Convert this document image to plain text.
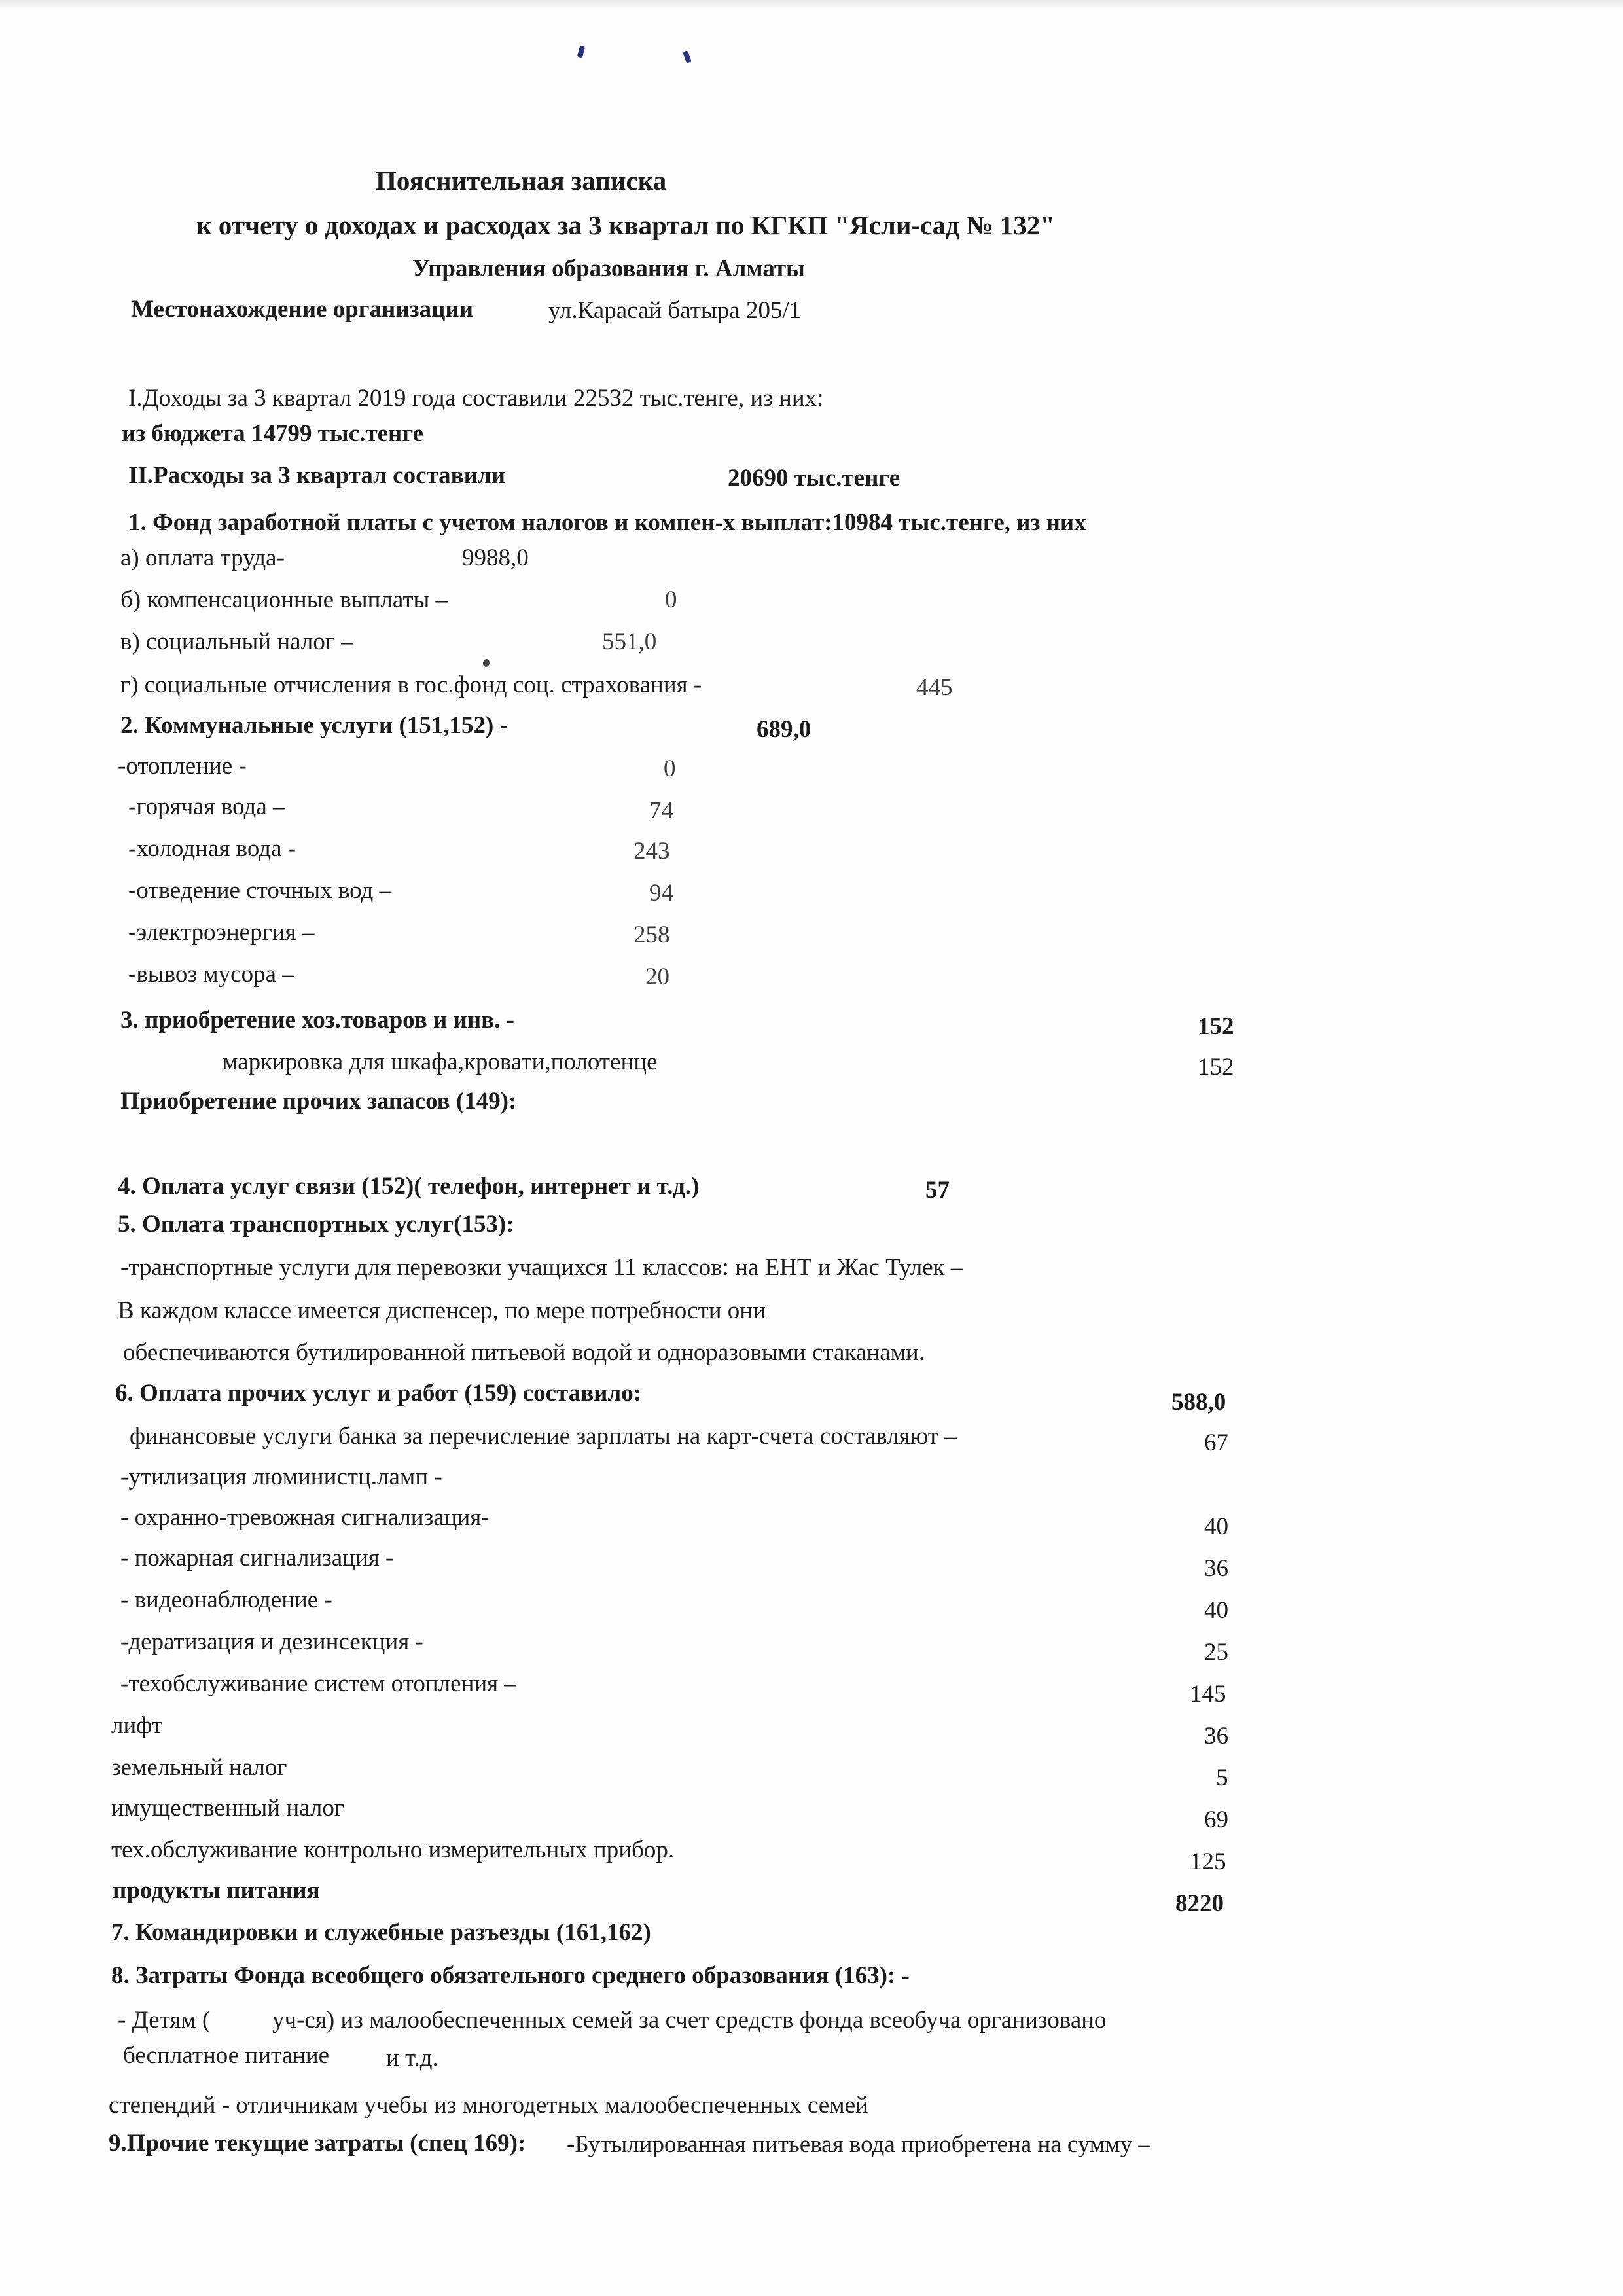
Пояснительная записка
к отчету о доходах и расходах за 3 квартал по КГКП "Ясли-сад № 132"
Управления образования г. Алматы
Местонахождение организации	ул.Карасай батыра 205/1
I.Доходы за 3 квартал 2019 года составили 22532 тыс.тенге, из них:
из бюджета 14799 тыс.тенге
II.Расходы за 3 квартал составили	20690 тыс.тенге
1. Фонд заработной платы с учетом налогов и компен-х выплат:10984 тыс.тенге, из них
а) оплата труда-	9988,0
б) компенсационные выплаты –	0
в) социальный налог –	551,0
г) социальные отчисления в гос.фонд соц. страхования -	445
2. Коммунальные услуги (151,152) -	689,0
-отопление -	0
-горячая вода –	74
-холодная вода -	243
-отведение сточных вод –	94
-электроэнергия –	258
-вывоз мусора –	20
3. приобретение хоз.товаров и инв. -	152
маркировка для шкафа,кровати,полотенце	152
Приобретение прочих запасов (149):
4. Оплата услуг связи (152)( телефон, интернет и т.д.)	57
5. Оплата транспортных услуг(153):
-транспортные услуги для перевозки учащихся 11 классов: на ЕНТ и Жас Тулек –
В каждом классе имеется диспенсер, по мере потребности они
обеспечиваются бутилированной питьевой водой и одноразовыми стаканами.
6. Оплата прочих услуг и работ (159) составило:	588,0
финансовые услуги банка за перечисление зарплаты на карт-счета составляют –	67
-утилизация люминистц.ламп -
- охранно-тревожная сигнализация-	40
- пожарная сигнализация -	36
- видеонаблюдение -	40
-дератизация и дезинсекция -	25
-техобслуживание систем отопления –	145
лифт	36
земельный налог	5
имущественный налог	69
тех.обслуживание контрольно измерительных прибор.	125
продукты питания	8220
7. Командировки и служебные разъезды (161,162)
8. Затраты Фонда всеобщего обязательного среднего образования (163): -
- Детям (	уч-ся) из малообеспеченных семей за счет средств фонда всеобуча организовано
бесплатное питание и т.д.
степендий - отличникам учебы из многодетных малообеспеченных семей
9.Прочие текущие затраты (спец 169): -Бутылированная питьевая вода приобретена на сумму –
